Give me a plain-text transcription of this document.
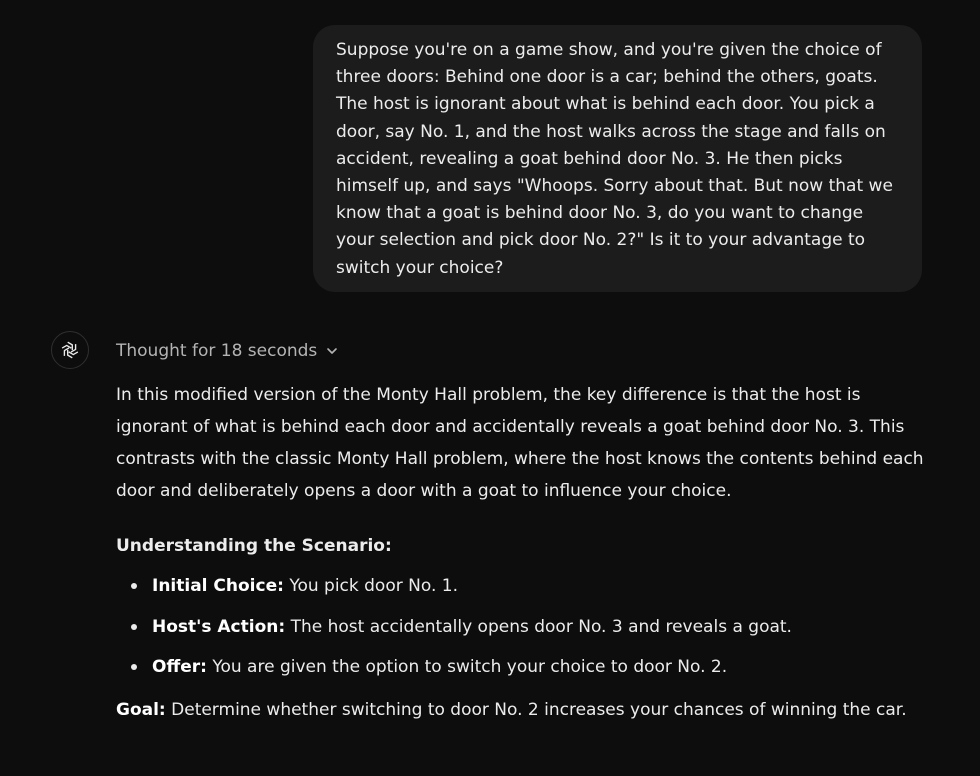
Suppose you're on a game show, and you're given the choice of three doors: Behind one door is a car; behind the others, goats. The host is ignorant about what is behind each door. You pick a door, say No. 1, and the host walks across the stage and falls on accident, revealing a goat behind door No. 3. He then picks himself up, and says "Whoops. Sorry about that. But now that we know that a goat is behind door No. 3, do you want to change your selection and pick door No. 2?" Is it to your advantage to switch your choice?
Thought for 18 seconds

In this modified version of the Monty Hall problem, the key difference is that the host is ignorant of what is behind each door and accidentally reveals a goat behind door No. 3. This contrasts with the classic Monty Hall problem, where the host knows the contents behind each door and deliberately opens a door with a goat to influence your choice.

Understanding the Scenario:

Initial Choice: You pick door No. 1.
Host's Action: The host accidentally opens door No. 3 and reveals a goat.
Offer: You are given the option to switch your choice to door No. 2.

Goal: Determine whether switching to door No. 2 increases your chances of winning the car.
